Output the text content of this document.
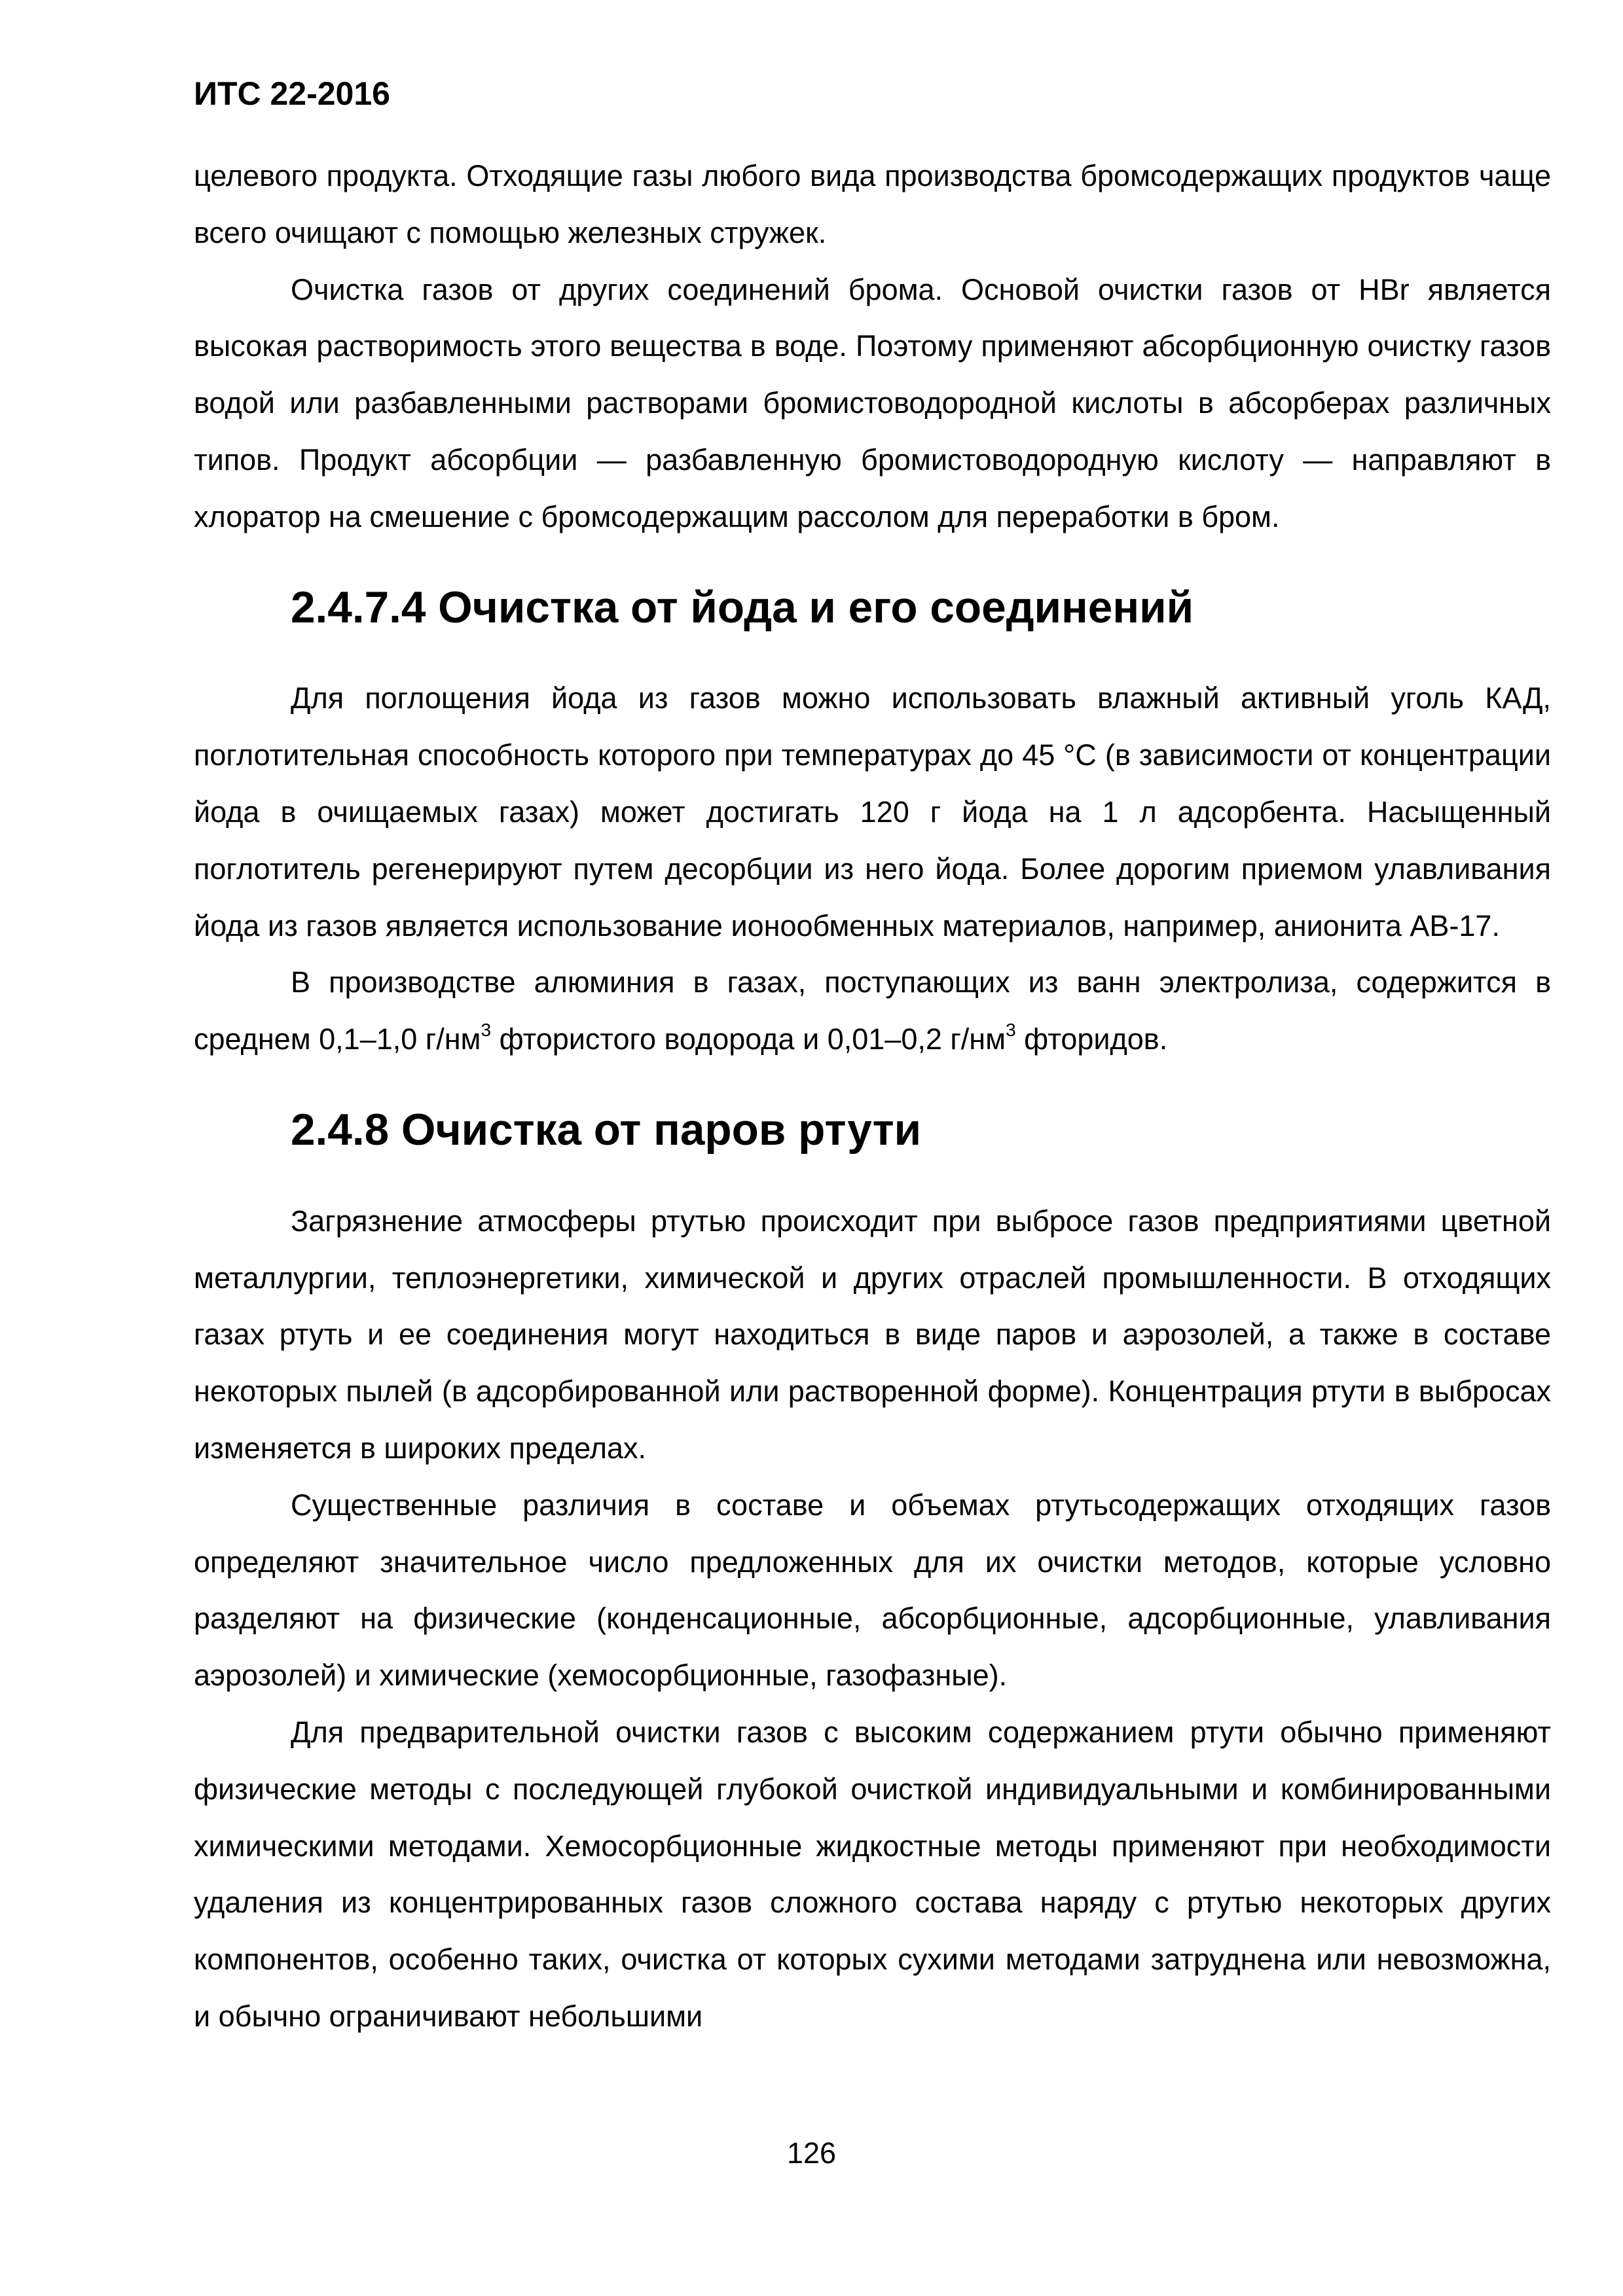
ИТС 22-2016

целевого продукта. Отходящие газы любого вида производства бромсодержащих продуктов чаще всего очищают с помощью железных стружек.

Очистка газов от других соединений брома. Основой очистки газов от HBr является высокая растворимость этого вещества в воде. Поэтому применяют абсорбционную очистку газов водой или разбавленными растворами бромистоводородной кислоты в абсорберах различных типов. Продукт абсорбции — разбавленную бромистоводородную кислоту — направляют в хлоратор на смешение с бромсодержащим рассолом для переработки в бром.

2.4.7.4 Очистка от йода и его соединений

Для поглощения йода из газов можно использовать влажный активный уголь КАД, поглотительная способность которого при температурах до 45 °С (в зависимости от концентрации йода в очищаемых газах) может достигать 120 г йода на 1 л адсорбента. Насыщенный поглотитель регенерируют путем десорбции из него йода. Более дорогим приемом улавливания йода из газов является использование ионообменных материалов, например, анионита АВ-17.

В производстве алюминия в газах, поступающих из ванн электролиза, содержится в среднем 0,1–1,0 $г/нм^3$ фтористого водорода и 0,01–0,2 $г/нм^3$ фторидов.

2.4.8 Очистка от паров ртути

Загрязнение атмосферы ртутью происходит при выбросе газов предприятиями цветной металлургии, теплоэнергетики, химической и других отраслей промышленности. В отходящих газах ртуть и ее соединения могут находиться в виде паров и аэрозолей, а также в составе некоторых пылей (в адсорбированной или растворенной форме). Концентрация ртути в выбросах изменяется в широких пределах.

Существенные различия в составе и объемах ртутьсодержащих отходящих газов определяют значительное число предложенных для их очистки методов, которые условно разделяют на физические (конденсационные, абсорбционные, адсорбционные, улавливания аэрозолей) и химические (хемосорбционные, газофазные).

Для предварительной очистки газов с высоким содержанием ртути обычно применяют физические методы с последующей глубокой очисткой индивидуальными и комбинированными химическими методами. Хемосорбционные жидкостные методы применяют при необходимости удаления из концентрированных газов сложного состава наряду с ртутью некоторых других компонентов, особенно таких, очистка от которых сухими методами затруднена или невозможна, и обычно ограничивают небольшими

126
